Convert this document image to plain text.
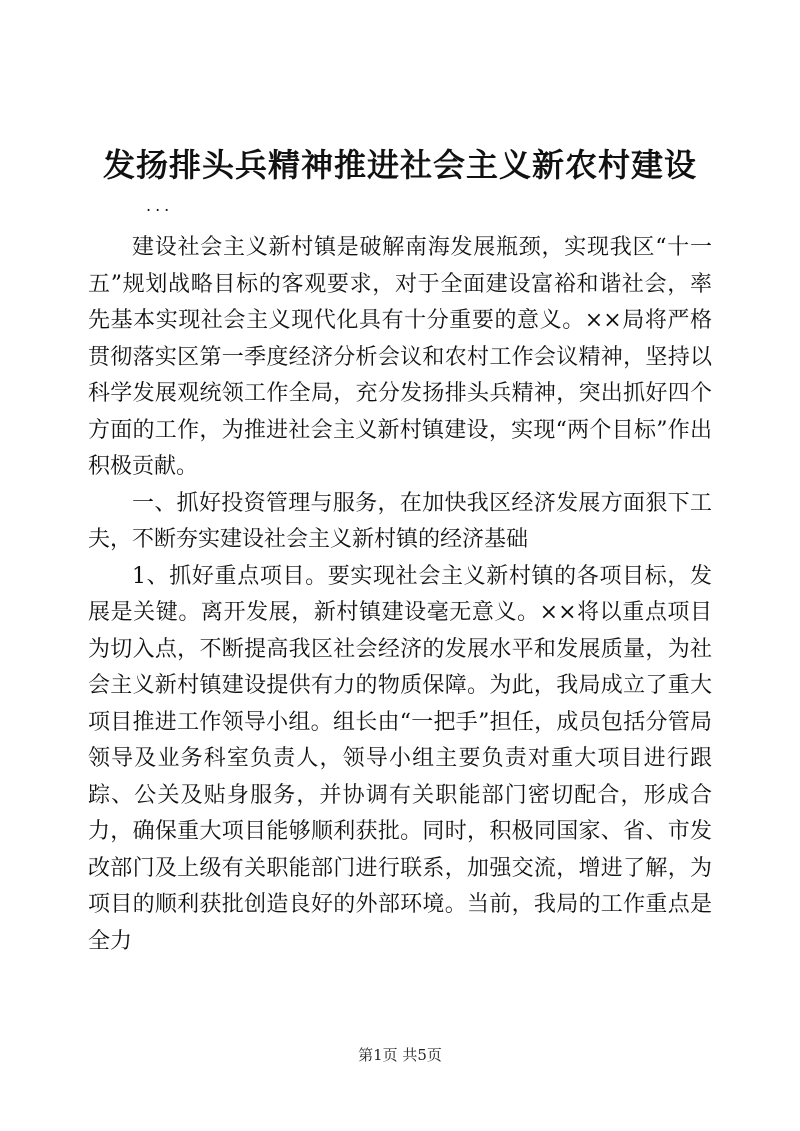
发扬排头兵精神推进社会主义新农村建设
...

建设社会主义新村镇是破解南海发展瓶颈，实现我区“十一五”规划战略目标的客观要求，对于全面建设富裕和谐社会，率先基本实现社会主义现代化具有十分重要的意义。××局将严格贯彻落实区第一季度经济分析会议和农村工作会议精神，坚持以科学发展观统领工作全局，充分发扬排头兵精神，突出抓好四个方面的工作，为推进社会主义新村镇建设，实现“两个目标”作出积极贡献。

一、抓好投资管理与服务，在加快我区经济发展方面狠下工夫，不断夯实建设社会主义新村镇的经济基础

1、抓好重点项目。要实现社会主义新村镇的各项目标，发展是关键。离开发展，新村镇建设毫无意义。××将以重点项目为切入点，不断提高我区社会经济的发展水平和发展质量，为社会主义新村镇建设提供有力的物质保障。为此，我局成立了重大项目推进工作领导小组。组长由“一把手”担任，成员包括分管局领导及业务科室负责人，领导小组主要负责对重大项目进行跟踪、公关及贴身服务，并协调有关职能部门密切配合，形成合力，确保重大项目能够顺利获批。同时，积极同国家、省、市发改部门及上级有关职能部门进行联系，加强交流，增进了解，为项目的顺利获批创造良好的外部环境。当前，我局的工作重点是全力

第1页 共5页
